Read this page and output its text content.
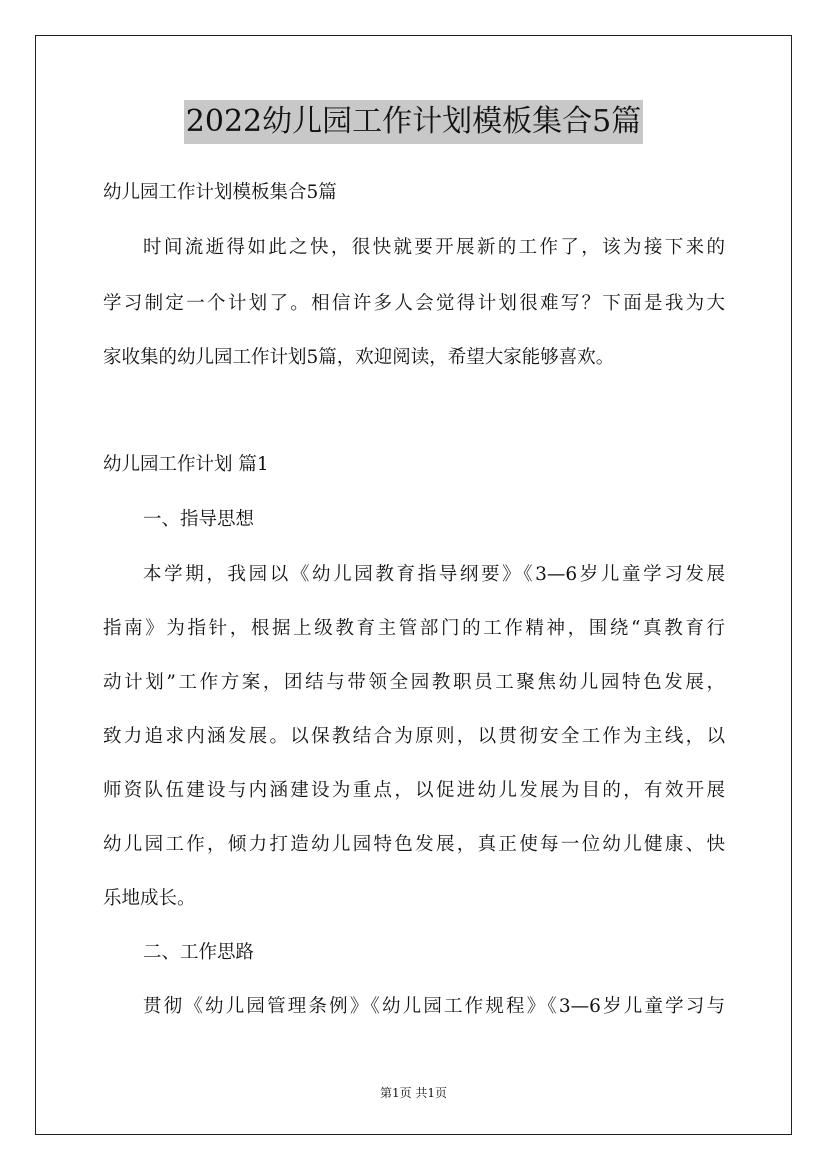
2022幼儿园工作计划模板集合5篇
幼儿园工作计划模板集合5篇
时间流逝得如此之快，很快就要开展新的工作了，该为接下来的
学习制定一个计划了。相信许多人会觉得计划很难写？下面是我为大
家收集的幼儿园工作计划5篇，欢迎阅读，希望大家能够喜欢。
幼儿园工作计划 篇1
一、指导思想
本学期，我园以《幼儿园教育指导纲要》《3—6岁儿童学习发展
指南》为指针，根据上级教育主管部门的工作精神，围绕“真教育行
动计划”工作方案，团结与带领全园教职员工聚焦幼儿园特色发展，
致力追求内涵发展。以保教结合为原则，以贯彻安全工作为主线，以
师资队伍建设与内涵建设为重点，以促进幼儿发展为目的，有效开展
幼儿园工作，倾力打造幼儿园特色发展，真正使每一位幼儿健康、快
乐地成长。
二、工作思路
贯彻《幼儿园管理条例》《幼儿园工作规程》《3—6岁儿童学习与
第1页 共1页
